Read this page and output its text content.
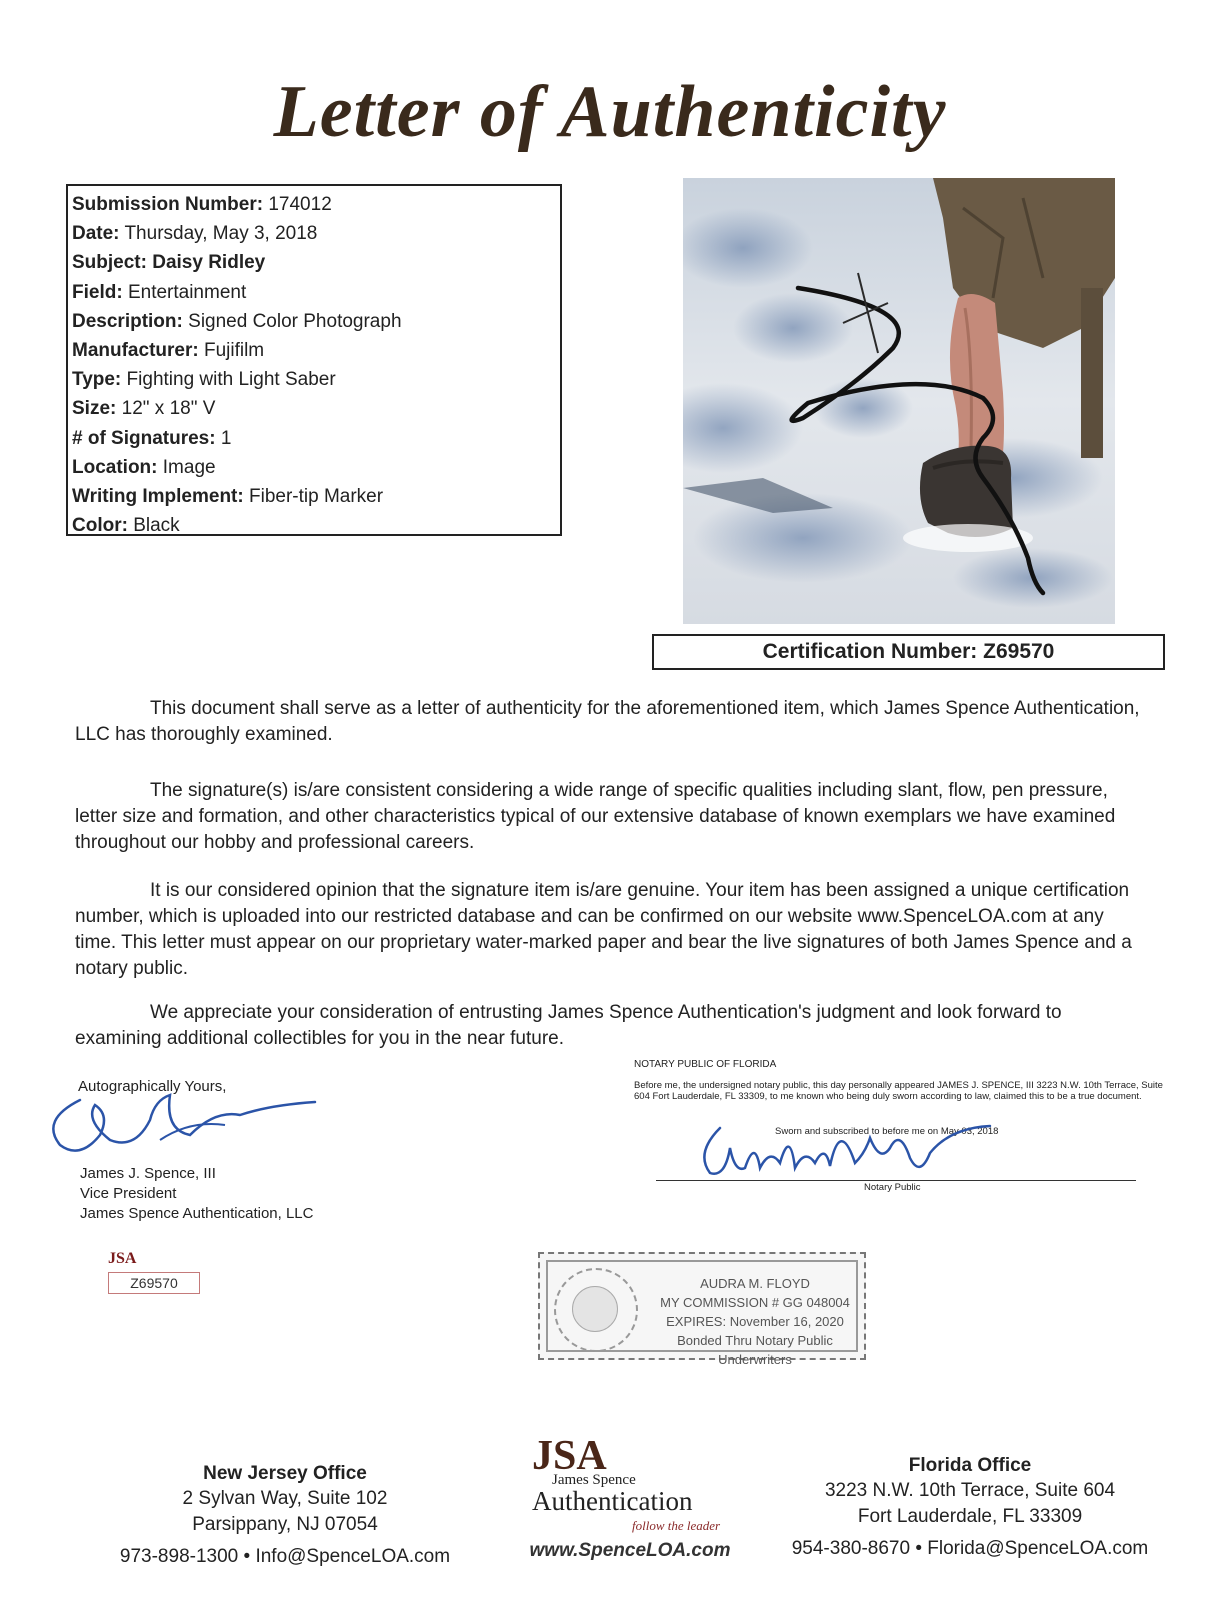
Letter of Authenticity
Submission Number: 174012
Date: Thursday, May 3, 2018
Subject: Daisy Ridley
Field: Entertainment
Description: Signed Color Photograph
Manufacturer: Fujifilm
Type: Fighting with Light Saber
Size: 12" x 18" V
# of Signatures: 1
Location: Image
Writing Implement: Fiber-tip Marker
Color: Black
Certification Number: Z69570
This document shall serve as a letter of authenticity for the aforementioned item, which James Spence Authentication, LLC has thoroughly examined.
The signature(s) is/are consistent considering a wide range of specific qualities including slant, flow, pen pressure, letter size and formation, and other characteristics typical of our extensive database of known exemplars we have examined throughout our hobby and professional careers.
It is our considered opinion that the signature item is/are genuine. Your item has been assigned a unique certification number, which is uploaded into our restricted database and can be confirmed on our website www.SpenceLOA.com at any time. This letter must appear on our proprietary water-marked paper and bear the live signatures of both James Spence and a notary public.
We appreciate your consideration of entrusting James Spence Authentication's judgment and look forward to examining additional collectibles for you in the near future.
Autographically Yours,
James J. Spence, III
Vice President
James Spence Authentication, LLC
JSA
Z69570
NOTARY PUBLIC OF FLORIDA
Before me, the undersigned notary public, this day personally appeared JAMES J. SPENCE, III 3223 N.W. 10th Terrace, Suite 604 Fort Lauderdale, FL 33309, to me known who being duly sworn according to law, claimed this to be a true document.
Sworn and subscribed to before me on May 03, 2018
Notary Public
AUDRA M. FLOYD
MY COMMISSION # GG 048004
EXPIRES: November 16, 2020
Bonded Thru Notary Public Underwriters
New Jersey Office
2 Sylvan Way, Suite 102
Parsippany, NJ 07054
973-898-1300 • Info@SpenceLOA.com
JSA
James Spence
Authentication
follow the leader
www.SpenceLOA.com
Florida Office
3223 N.W. 10th Terrace, Suite 604
Fort Lauderdale, FL 33309
954-380-8670 • Florida@SpenceLOA.com
